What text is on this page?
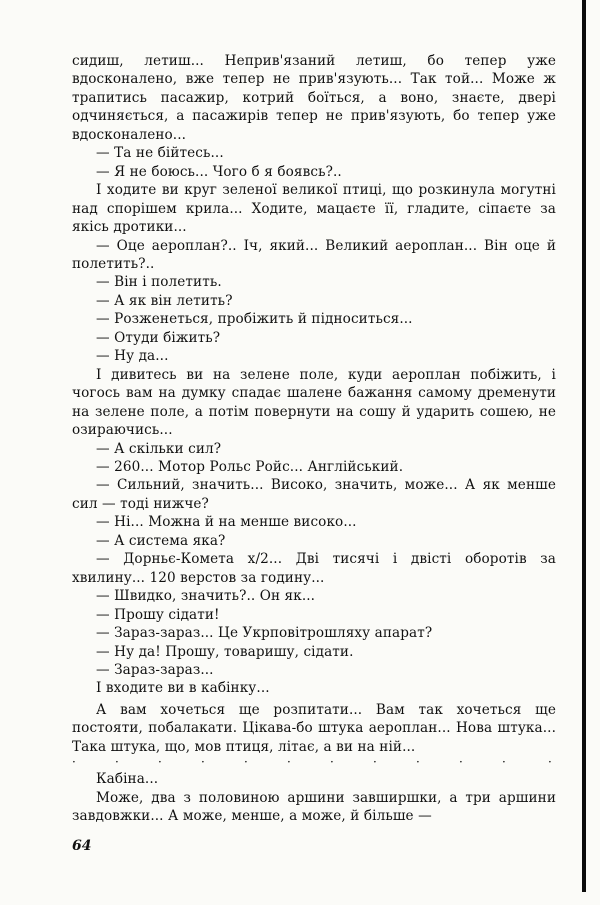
сидиш, летиш... Неприв'язаний летиш, бо тепер уже вдосконалено, вже тепер не прив'язують... Так той... Може ж трапитись пасажир, котрий боїться, а воно, знаєте, двері одчиняється, а пасажирів тепер не прив'язують, бо тепер уже вдосконалено...

— Та не бійтесь...

— Я не боюсь... Чого б я боявсь?..

І ходите ви круг зеленої великої птиці, що розкинула могутні над спорішем крила... Ходите, мацаєте її, гладите, сіпаєте за якісь дротики...

— Оце аероплан?.. Іч, який... Великий аероплан... Він оце й полетить?..

— Він і полетить.

— А як він летить?

— Розженеться, пробіжить й підноситься...

— Отуди біжить?

— Ну да...

І дивитесь ви на зелене поле, куди аероплан побіжить, і чогось вам на думку спадає шалене бажання самому дременути на зелене поле, а потім повернути на сошу й ударить сошею, не озираючись...

— А скільки сил?

— 260... Мотор Рольс Ройс... Англійський.

— Сильний, значить... Високо, значить, може... А як менше сил — тоді нижче?

— Ні... Можна й на менше високо...

— А система яка?

— Дорньє-Комета х/2... Дві тисячі і двісті оборотів за хвилину... 120 верстов за годину...

— Швидко, значить?.. Он як...

— Прошу сідати!

— Зараз-зараз... Це Укрповітрошляху апарат?

— Ну да! Прошу, товаришу, сідати.

— Зараз-зараз...

І входите ви в кабінку...

А вам хочеться ще розпитати... Вам так хочеться ще постояти, побалакати. Цікава-бо штука аероплан... Нова штука... Така штука, що, мов птиця, літає, а ви на ній...

·	·	·	·	·	·	·	·	·	·	·	·

Кабіна...

Може, два з половиною аршини завширшки, а три аршини завдовжки... А може, менше, а може, й більше —

64
